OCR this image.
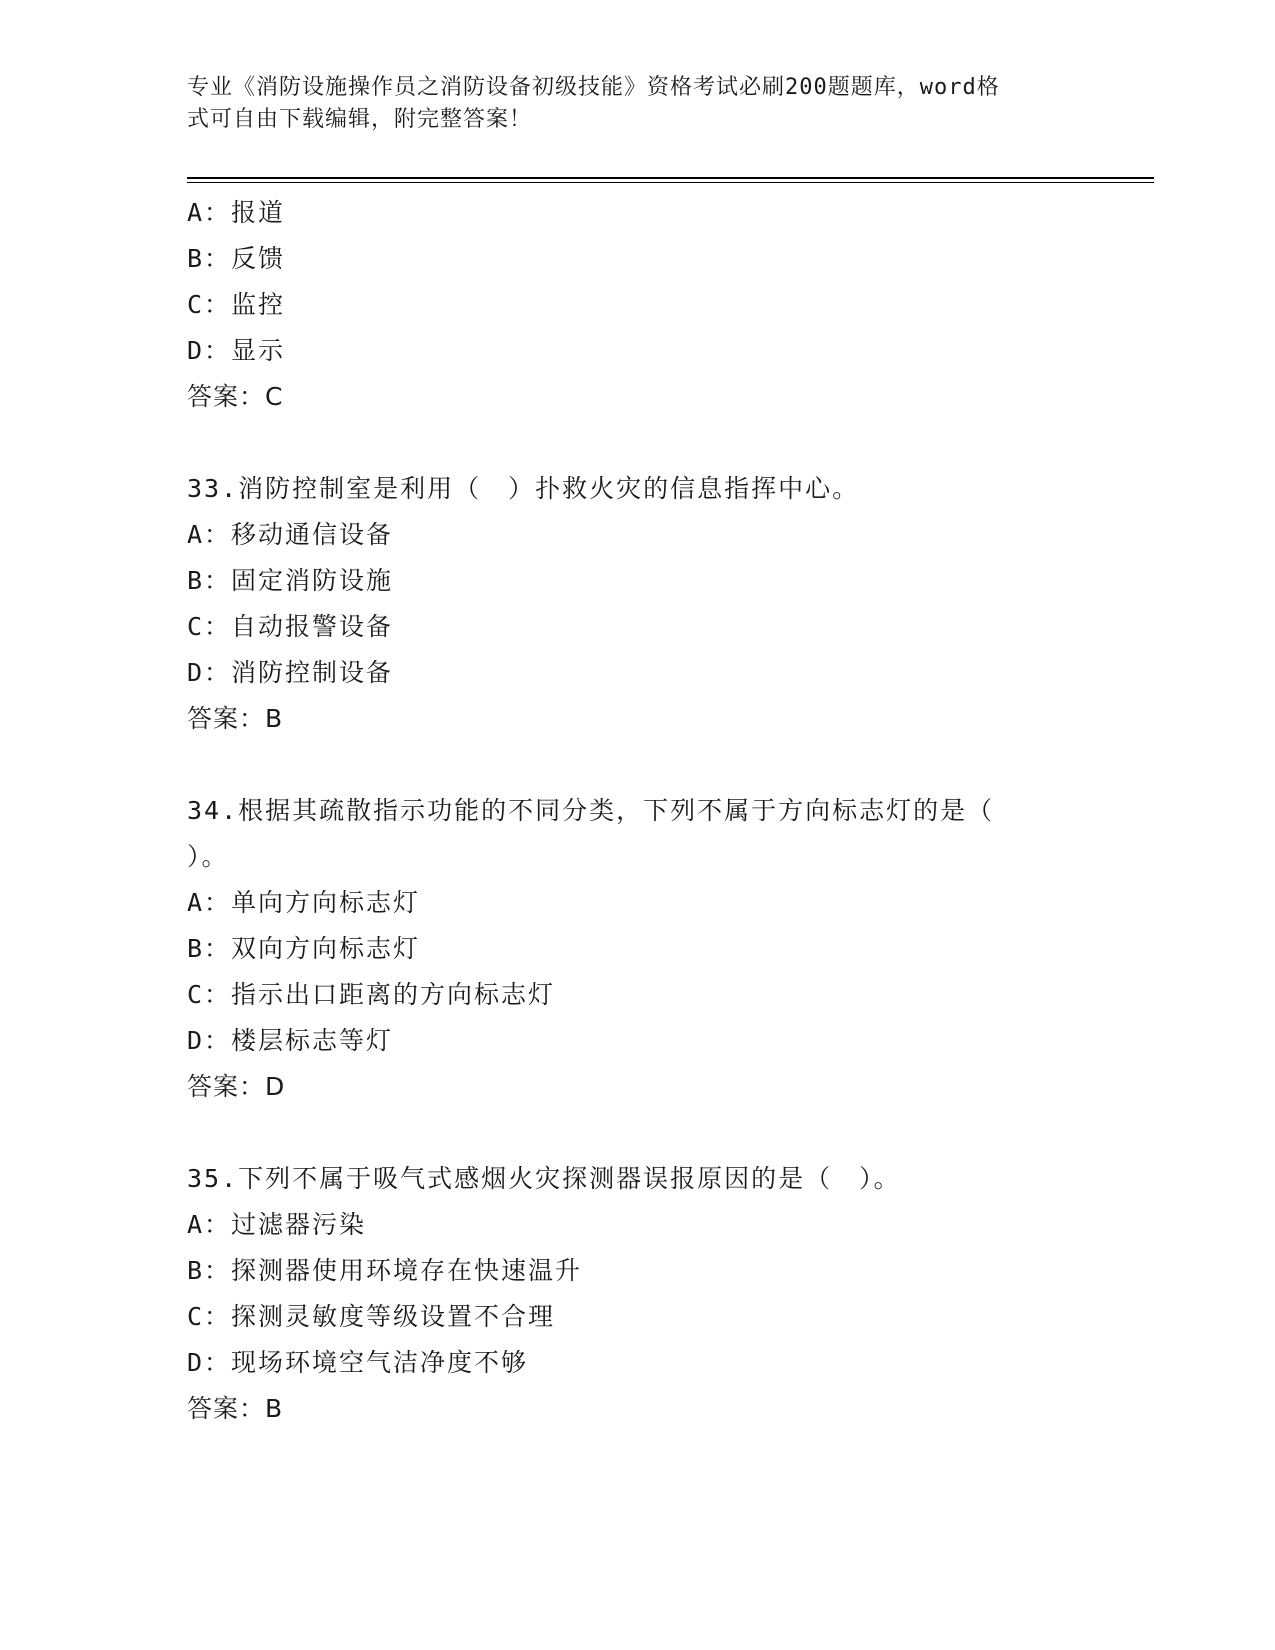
专业《消防设施操作员之消防设备初级技能》资格考试必刷200题题库，word格
式可自由下载编辑，附完整答案！
A：报道
B：反馈
C：监控
D：显示
答案：C
33.消防控制室是利用（　）扑救火灾的信息指挥中心。
A：移动通信设备
B：固定消防设施
C：自动报警设备
D：消防控制设备
答案：B
34.根据其疏散指示功能的不同分类，下列不属于方向标志灯的是（
）。
A：单向方向标志灯
B：双向方向标志灯
C：指示出口距离的方向标志灯
D：楼层标志等灯
答案：D
35.下列不属于吸气式感烟火灾探测器误报原因的是（　）。
A：过滤器污染
B：探测器使用环境存在快速温升
C：探测灵敏度等级设置不合理
D：现场环境空气洁净度不够
答案：B
